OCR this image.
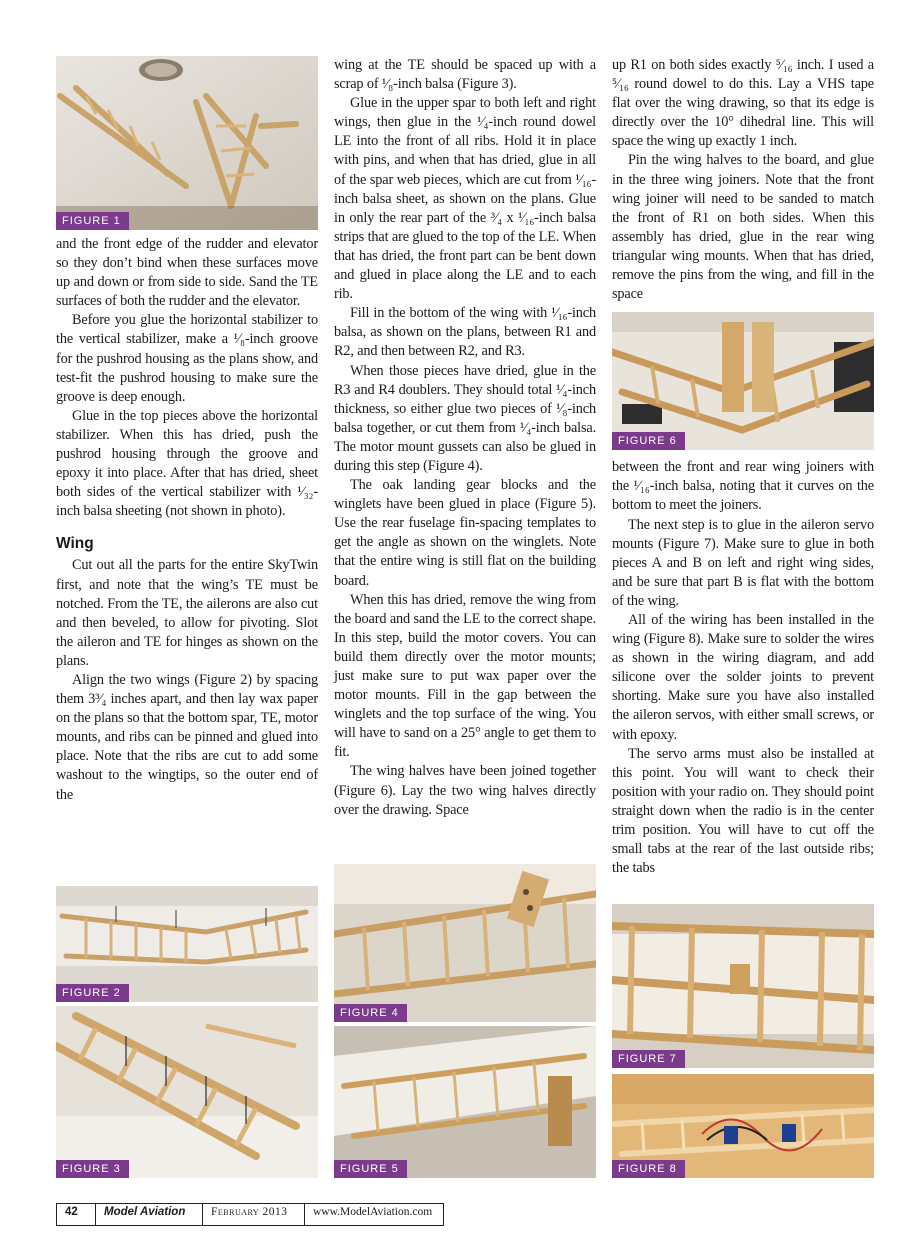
FIGURE 1

and the front edge of the rudder and elevator so they don’t bind when these surfaces move up and down or from side to side. Sand the TE surfaces of both the rudder and the elevator.

Before you glue the horizontal stabilizer to the vertical stabilizer, make a ¹⁄₈-inch groove for the pushrod housing as the plans show, and test-fit the pushrod housing to make sure the groove is deep enough.

Glue in the top pieces above the horizontal stabilizer. When this has dried, push the pushrod housing through the groove and epoxy it into place. After that has dried, sheet both sides of the vertical stabilizer with ¹⁄₃₂-inch balsa sheeting (not shown in photo).

Wing

Cut out all the parts for the entire SkyTwin first, and note that the wing’s TE must be notched. From the TE, the ailerons are also cut and then beveled, to allow for pivoting. Slot the aileron and TE for hinges as shown on the plans.

Align the two wings (Figure 2) by spacing them 3³⁄₄ inches apart, and then lay wax paper on the plans so that the bottom spar, TE, motor mounts, and ribs can be pinned and glued into place. Note that the ribs are cut to add some washout to the wingtips, so the outer end of the

FIGURE 2
FIGURE 3

wing at the TE should be spaced up with a scrap of ¹⁄₈-inch balsa (Figure 3).

Glue in the upper spar to both left and right wings, then glue in the ¹⁄₄-inch round dowel LE into the front of all ribs. Hold it in place with pins, and when that has dried, glue in all of the spar web pieces, which are cut from ¹⁄₁₆-inch balsa sheet, as shown on the plans. Glue in only the rear part of the ³⁄₄ x ¹⁄₁₆-inch balsa strips that are glued to the top of the LE. When that has dried, the front part can be bent down and glued in place along the LE and to each rib.

Fill in the bottom of the wing with ¹⁄₁₆-inch balsa, as shown on the plans, between R1 and R2, and then between R2, and R3.

When those pieces have dried, glue in the R3 and R4 doublers. They should total ¹⁄₄-inch thickness, so either glue two pieces of ¹⁄₈-inch balsa together, or cut them from ¹⁄₄-inch balsa. The motor mount gussets can also be glued in during this step (Figure 4).

The oak landing gear blocks and the winglets have been glued in place (Figure 5). Use the rear fuselage fin-spacing templates to get the angle as shown on the winglets. Note that the entire wing is still flat on the building board.

When this has dried, remove the wing from the board and sand the LE to the correct shape. In this step, build the motor covers. You can build them directly over the motor mounts; just make sure to put wax paper over the motor mounts. Fill in the gap between the winglets and the top surface of the wing. You will have to sand on a 25° angle to get them to fit.

The wing halves have been joined together (Figure 6). Lay the two wing halves directly over the drawing. Space

FIGURE 4
FIGURE 5

up R1 on both sides exactly ⁵⁄₁₆ inch. I used a ⁵⁄₁₆ round dowel to do this. Lay a VHS tape flat over the wing drawing, so that its edge is directly over the 10° dihedral line. This will space the wing up exactly 1 inch.

Pin the wing halves to the board, and glue in the three wing joiners. Note that the front wing joiner will need to be sanded to match the front of R1 on both sides. When this assembly has dried, glue in the rear wing triangular wing mounts. When that has dried, remove the pins from the wing, and fill in the space

FIGURE 6

between the front and rear wing joiners with the ¹⁄₁₆-inch balsa, noting that it curves on the bottom to meet the joiners.

The next step is to glue in the aileron servo mounts (Figure 7). Make sure to glue in both pieces A and B on left and right wing sides, and be sure that part B is flat with the bottom of the wing.

All of the wiring has been installed in the wing (Figure 8). Make sure to solder the wires as shown in the wiring diagram, and add silicone over the solder joints to prevent shorting. Make sure you have also installed the aileron servos, with either small screws, or with epoxy.

The servo arms must also be installed at this point. You will want to check their position with your radio on. They should point straight down when the radio is in the center trim position. You will have to cut off the small tabs at the rear of the last outside ribs; the tabs

FIGURE 7
FIGURE 8
42	Model Aviation	February 2013	www.ModelAviation.com
